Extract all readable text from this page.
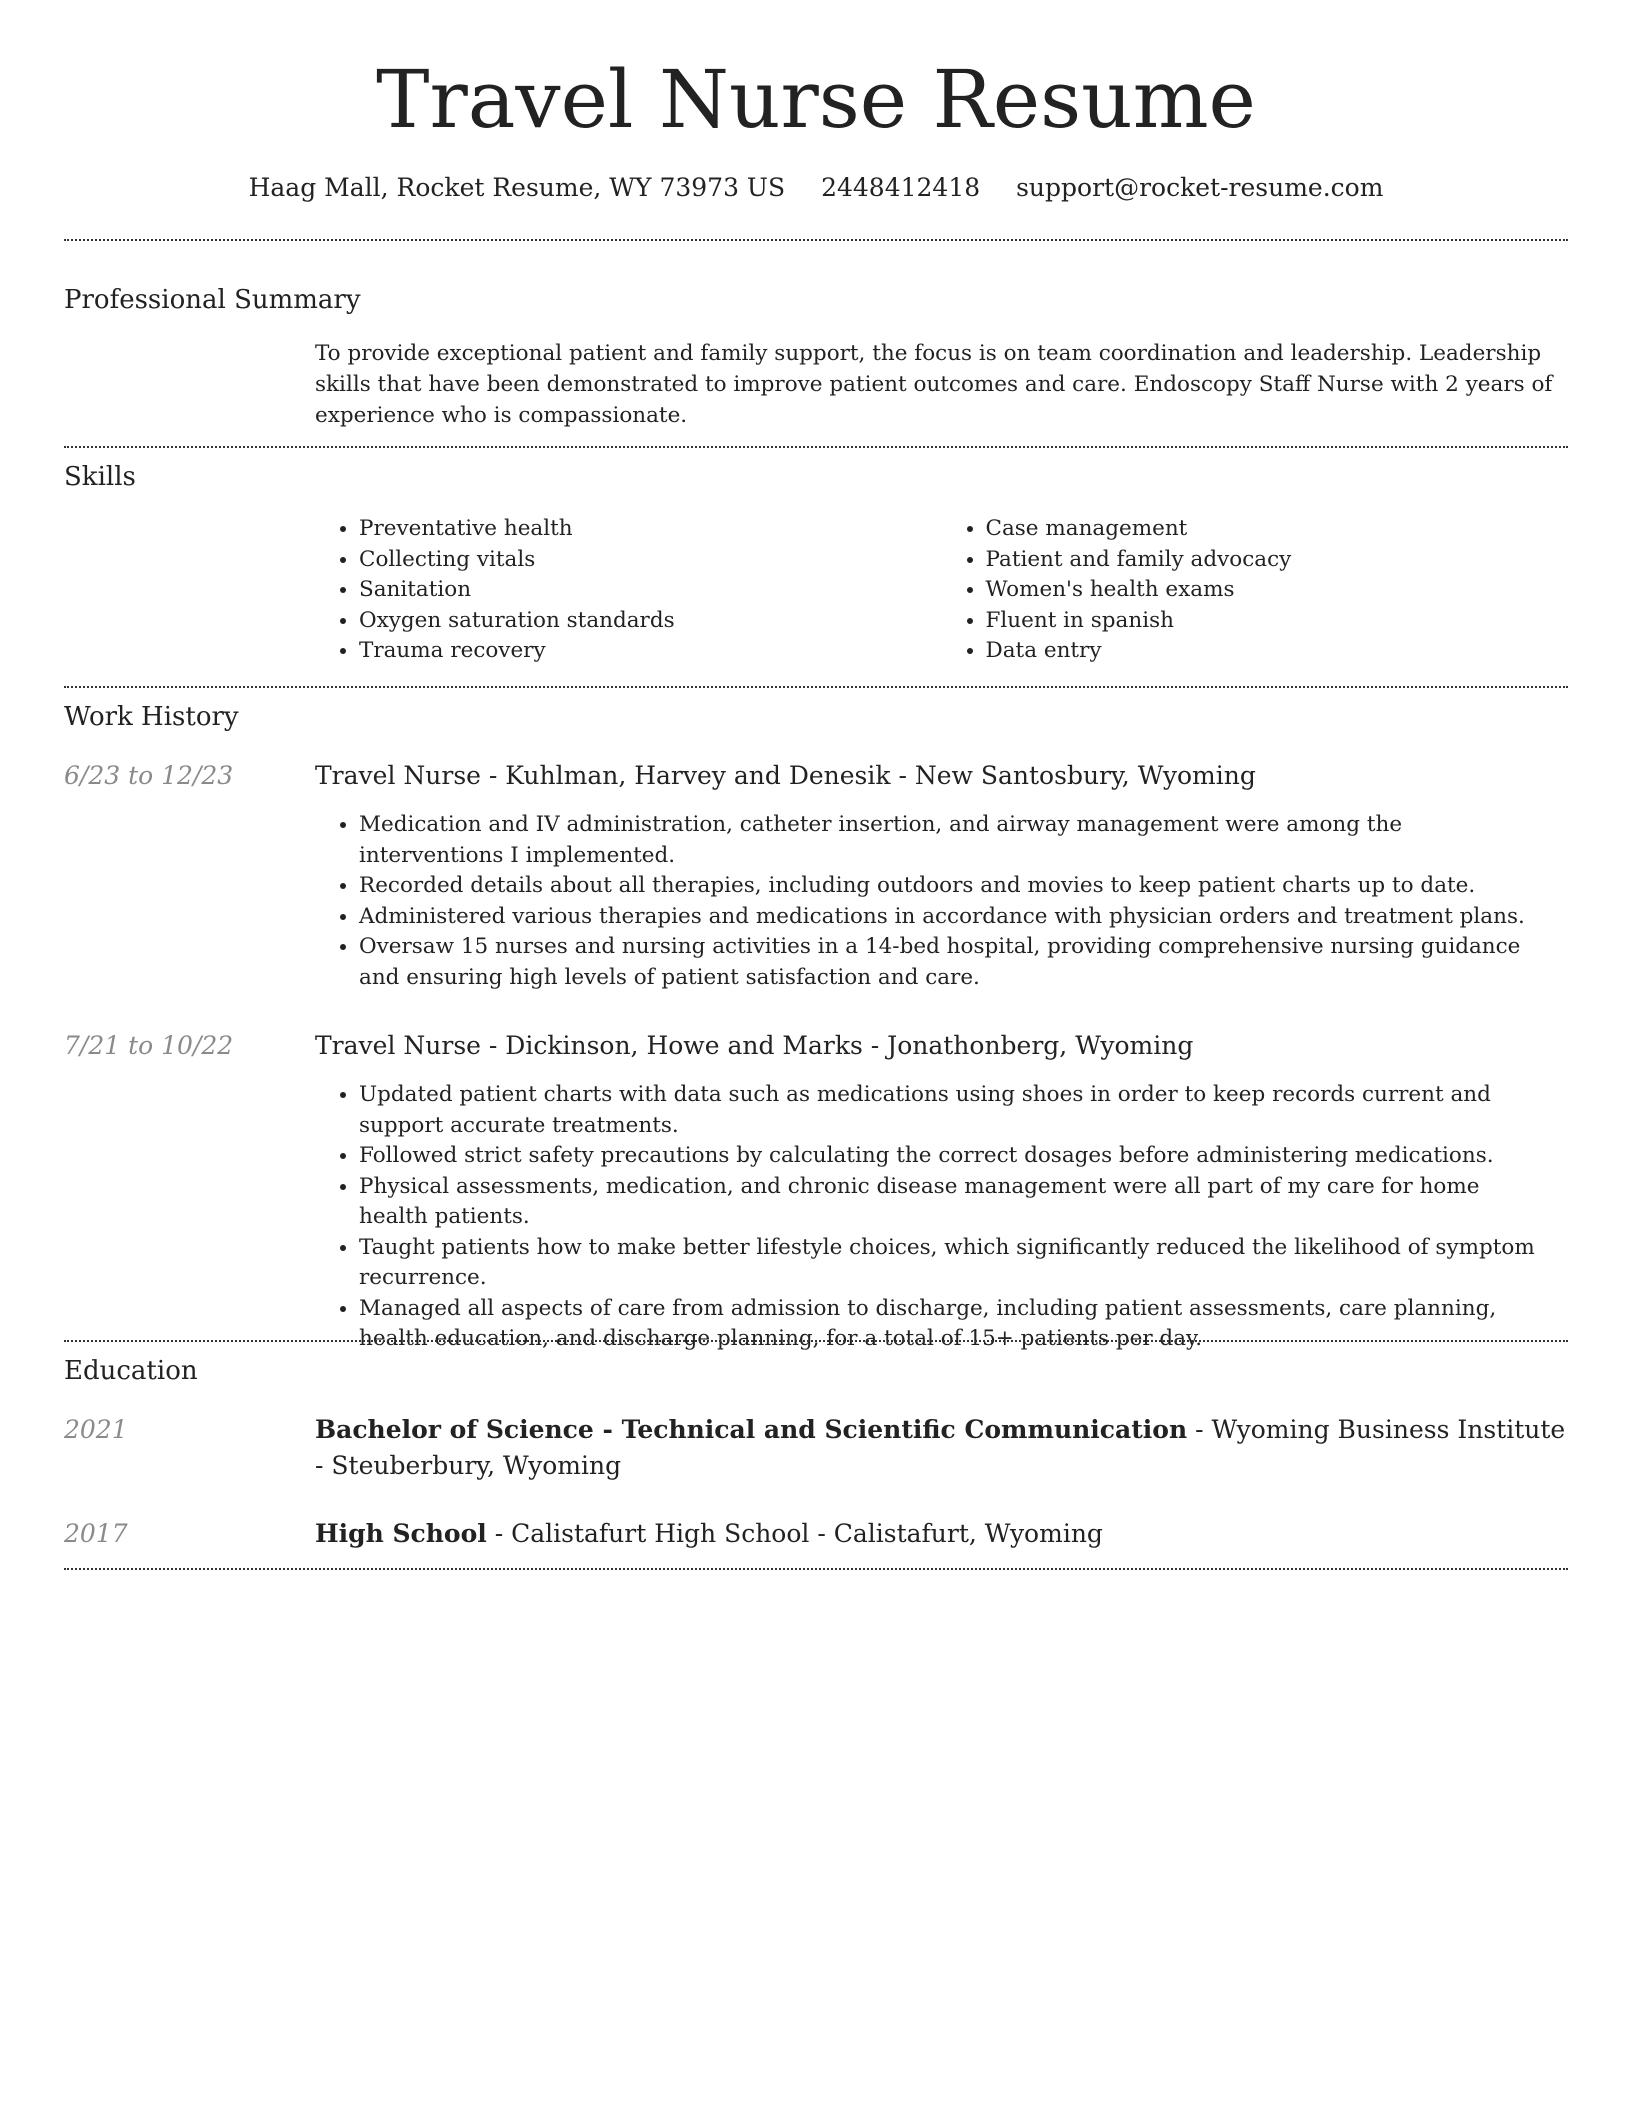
Travel Nurse Resume
Haag Mall, Rocket Resume, WY 73973 US 2448412418 support@rocket-resume.com
Professional Summary
To provide exceptional patient and family support, the focus is on team coordination and leadership. Leadership skills that have been demonstrated to improve patient outcomes and care. Endoscopy Staff Nurse with 2 years of experience who is compassionate.
Skills
• Preventative health
• Collecting vitals
• Sanitation
• Oxygen saturation standards
• Trauma recovery
• Case management
• Patient and family advocacy
• Women's health exams
• Fluent in spanish
• Data entry
Work History
6/23 to 12/23	Travel Nurse - Kuhlman, Harvey and Denesik - New Santosbury, Wyoming
• Medication and IV administration, catheter insertion, and airway management were among the interventions I implemented.
• Recorded details about all therapies, including outdoors and movies to keep patient charts up to date.
• Administered various therapies and medications in accordance with physician orders and treatment plans.
• Oversaw 15 nurses and nursing activities in a 14-bed hospital, providing comprehensive nursing guidance and ensuring high levels of patient satisfaction and care.
7/21 to 10/22	Travel Nurse - Dickinson, Howe and Marks - Jonathonberg, Wyoming
• Updated patient charts with data such as medications using shoes in order to keep records current and support accurate treatments.
• Followed strict safety precautions by calculating the correct dosages before administering medications.
• Physical assessments, medication, and chronic disease management were all part of my care for home health patients.
• Taught patients how to make better lifestyle choices, which significantly reduced the likelihood of symptom recurrence.
• Managed all aspects of care from admission to discharge, including patient assessments, care planning, health education, and discharge planning, for a total of 15+ patients per day.
Education
2021	Bachelor of Science - Technical and Scientific Communication - Wyoming Business Institute - Steuberbury, Wyoming
2017	High School - Calistafurt High School - Calistafurt, Wyoming
